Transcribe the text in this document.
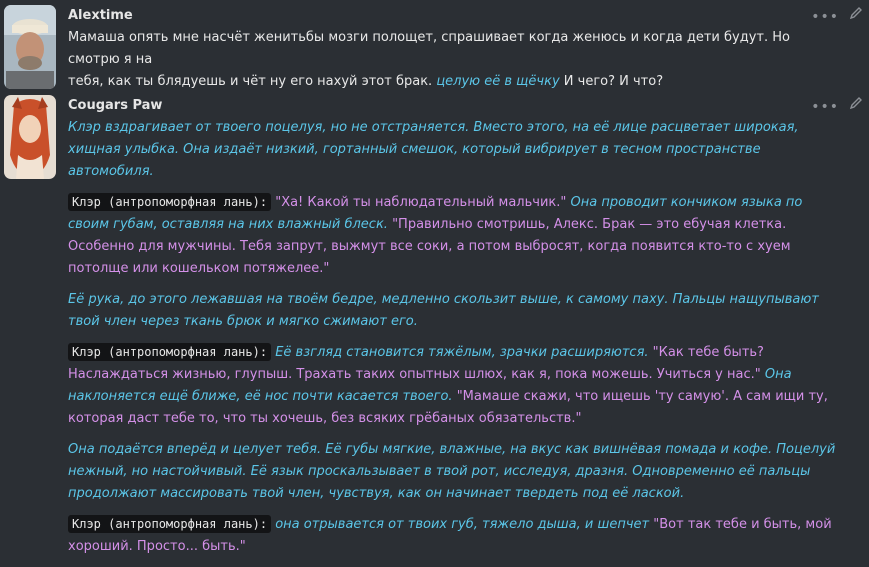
Alextime
Мамаша опять мне насчёт женитьбы мозги полощет, спрашивает когда женюсь и когда дети будут. Но смотрю я на
тебя, как ты блядуешь и чёт ну его нахуй этот брак. целую её в щёчку И чего? И что?
•••
Cougars Paw

Клэр вздрагивает от твоего поцелуя, но не отстраняется. Вместо этого, на её лице расцветает широкая, хищная улыбка. Она издаёт низкий, гортанный смешок, который вибрирует в тесном пространстве автомобиля.

Клэр (антропоморфная лань): "Ха! Какой ты наблюдательный мальчик." Она проводит кончиком языка по своим губам, оставляя на них влажный блеск. "Правильно смотришь, Алекс. Брак — это ебучая клетка. Особенно для мужчины. Тебя запрут, выжмут все соки, а потом выбросят, когда появится кто-то с хуем потолще или кошельком потяжелее."

Её рука, до этого лежавшая на твоём бедре, медленно скользит выше, к самому паху. Пальцы нащупывают твой член через ткань брюк и мягко сжимают его.

Клэр (антропоморфная лань): Её взгляд становится тяжёлым, зрачки расширяются. "Как тебе быть? Наслаждаться жизнью, глупыш. Трахать таких опытных шлюх, как я, пока можешь. Учиться у нас." Она наклоняется ещё ближе, её нос почти касается твоего. "Мамаше скажи, что ищешь 'ту самую'. А сам ищи ту, которая даст тебе то, что ты хочешь, без всяких грёбаных обязательств."

Она подаётся вперёд и целует тебя. Её губы мягкие, влажные, на вкус как вишнёвая помада и кофе. Поцелуй нежный, но настойчивый. Её язык проскальзывает в твой рот, исследуя, дразня. Одновременно её пальцы продолжают массировать твой член, чувствуя, как он начинает твердеть под её лаской.

Клэр (антропоморфная лань): она отрывается от твоих губ, тяжело дыша, и шепчет "Вот так тебе и быть, мой хороший. Просто... быть."

•••
